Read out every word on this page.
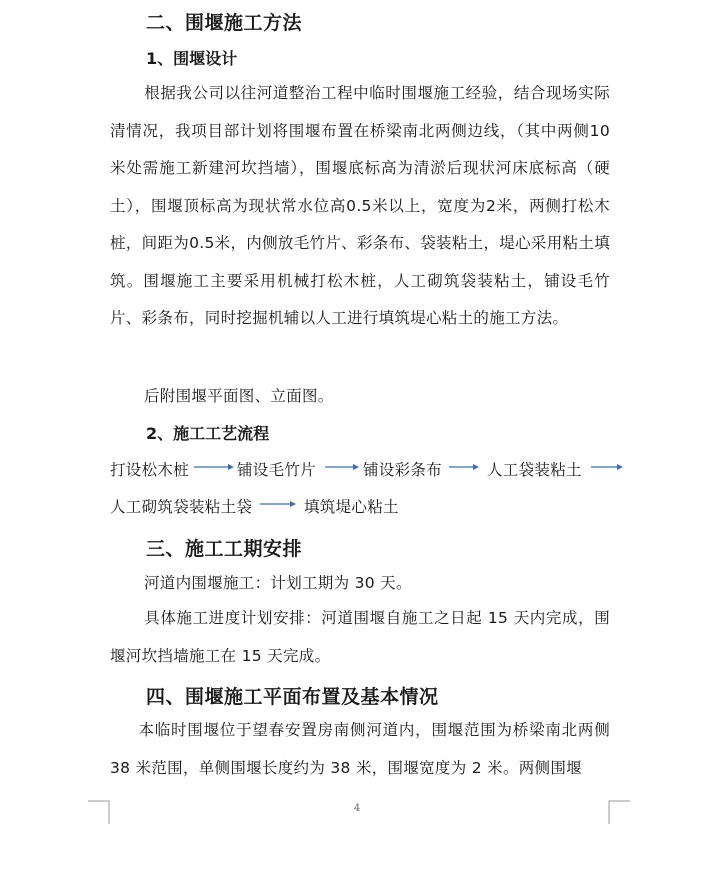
二、围堰施工方法
1、围堰设计
根据我公司以往河道整治工程中临时围堰施工经验，结合现场实际清情况，我项目部计划将围堰布置在桥梁南北两侧边线，（其中两侧10米处需施工新建河坎挡墙），围堰底标高为清淤后现状河床底标高（硬土），围堰顶标高为现状常水位高0.5米以上，宽度为2米，两侧打松木桩，间距为0.5米，内侧放毛竹片、彩条布、袋装粘土，堤心采用粘土填筑。围堰施工主要采用机械打松木桩，人工砌筑袋装粘土，铺设毛竹片、彩条布，同时挖掘机辅以人工进行填筑堤心粘土的施工方法。
后附围堰平面图、立面图。
2、施工工艺流程
打设松木桩	铺设毛竹片	铺设彩条布	人工袋装粘土
人工砌筑袋装粘土袋	填筑堤心粘土
三、施工工期安排
河道内围堰施工：计划工期为 30 天。
具体施工进度计划安排：河道围堰自施工之日起 15 天内完成，围堰河坎挡墙施工在 15 天完成。
四、围堰施工平面布置及基本情况
本临时围堰位于望春安置房南侧河道内，围堰范围为桥梁南北两侧 38 米范围，单侧围堰长度约为 38 米，围堰宽度为 2 米。两侧围堰
4
